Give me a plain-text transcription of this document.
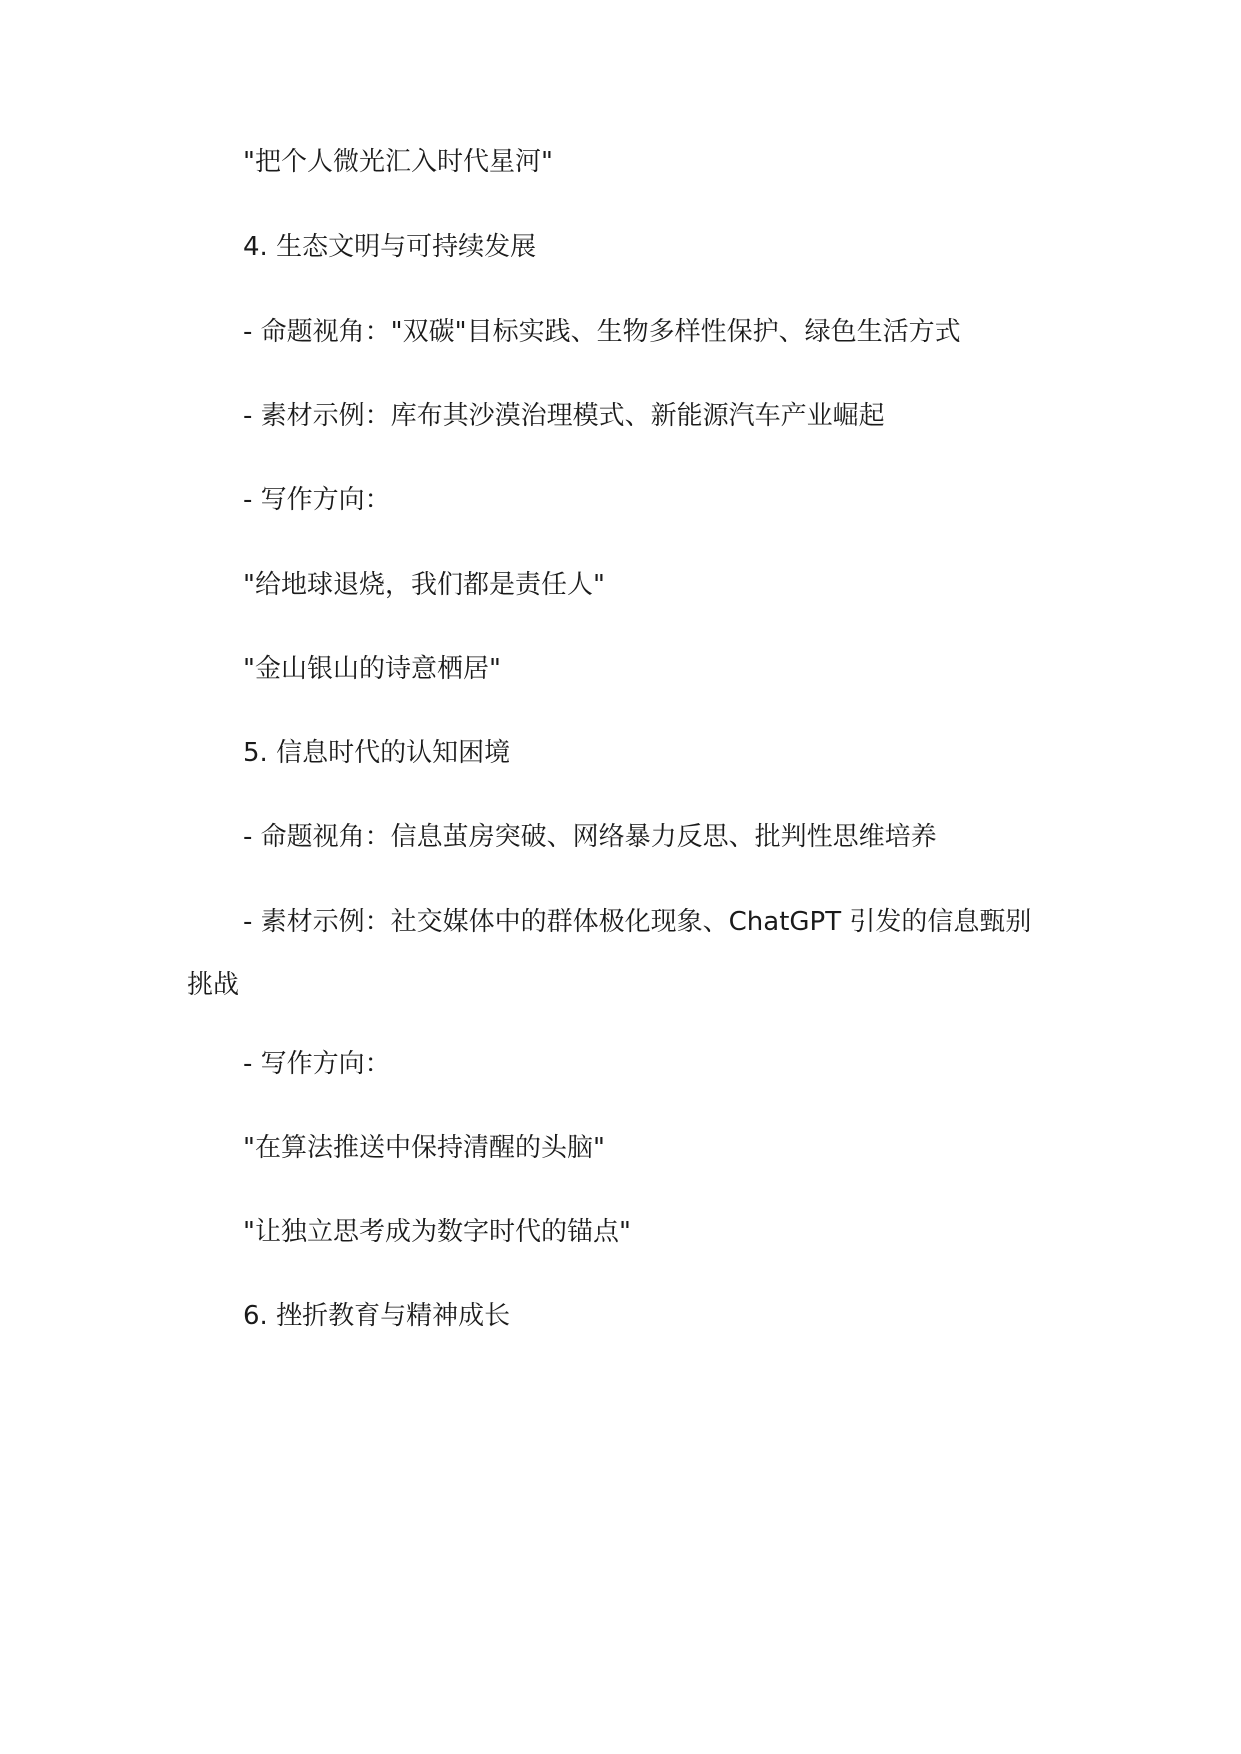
"把个人微光汇入时代星河"

4. 生态文明与可持续发展

- 命题视角："双碳"目标实践、生物多样性保护、绿色生活方式

- 素材示例：库布其沙漠治理模式、新能源汽车产业崛起

- 写作方向：

"给地球退烧，我们都是责任人"

"金山银山的诗意栖居"

5. 信息时代的认知困境

- 命题视角：信息茧房突破、网络暴力反思、批判性思维培养

- 素材示例：社交媒体中的群体极化现象、ChatGPT 引发的信息甄别挑战

- 写作方向：

"在算法推送中保持清醒的头脑"

"让独立思考成为数字时代的锚点"

6. 挫折教育与精神成长
